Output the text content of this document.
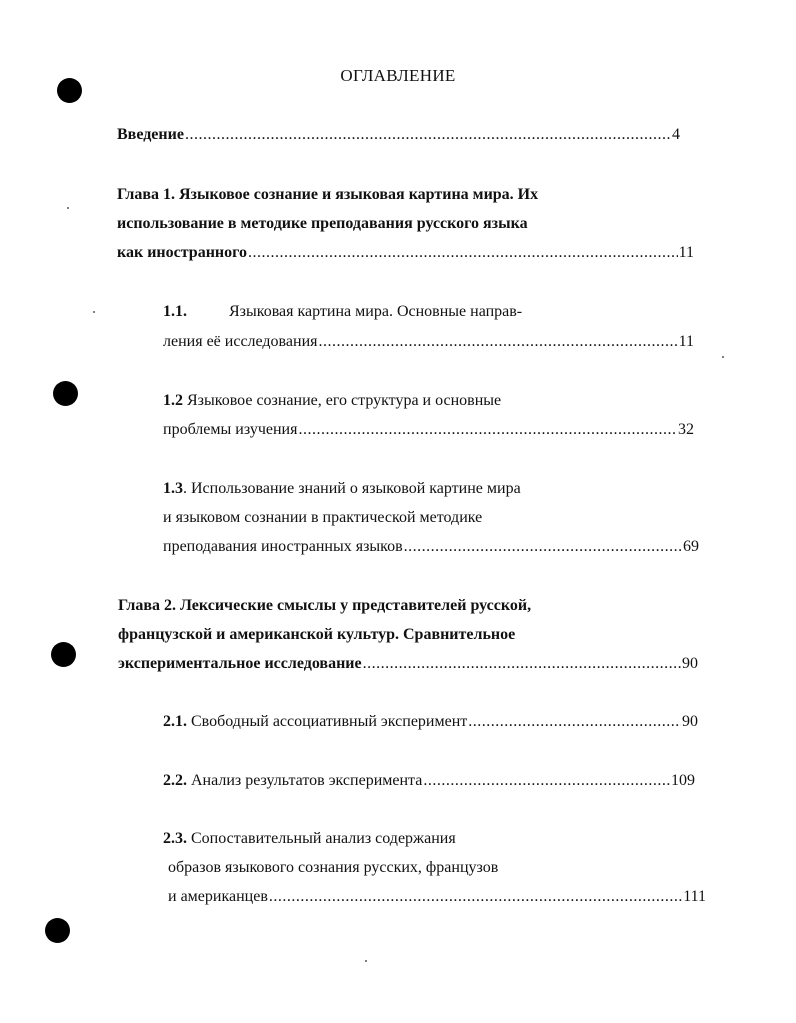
ОГЛАВЛЕНИЕ
Введение .....	4
Глава 1. Языковое сознание и языковая картина мира. Их
использование в методике преподавания русского языка
как иностранного .....	11
1.1.	Языковая картина мира. Основные направ-
ления её исследования .....	11
1.2 Языковое сознание, его структура и основные
проблемы изучения .....	32
1.3. Использование знаний о языковой картине мира
и языковом сознании в практической методике
преподавания иностранных языков .....	69
Глава 2. Лексические смыслы у представителей русской,
французской и американской культур. Сравнительное
экспериментальное исследование .....	90
2.1. Свободный ассоциативный эксперимент .....	90
2.2. Анализ результатов эксперимента .....	109
2.3. Сопоставительный анализ содержания
образов языкового сознания русских, французов
и американцев .....	111
